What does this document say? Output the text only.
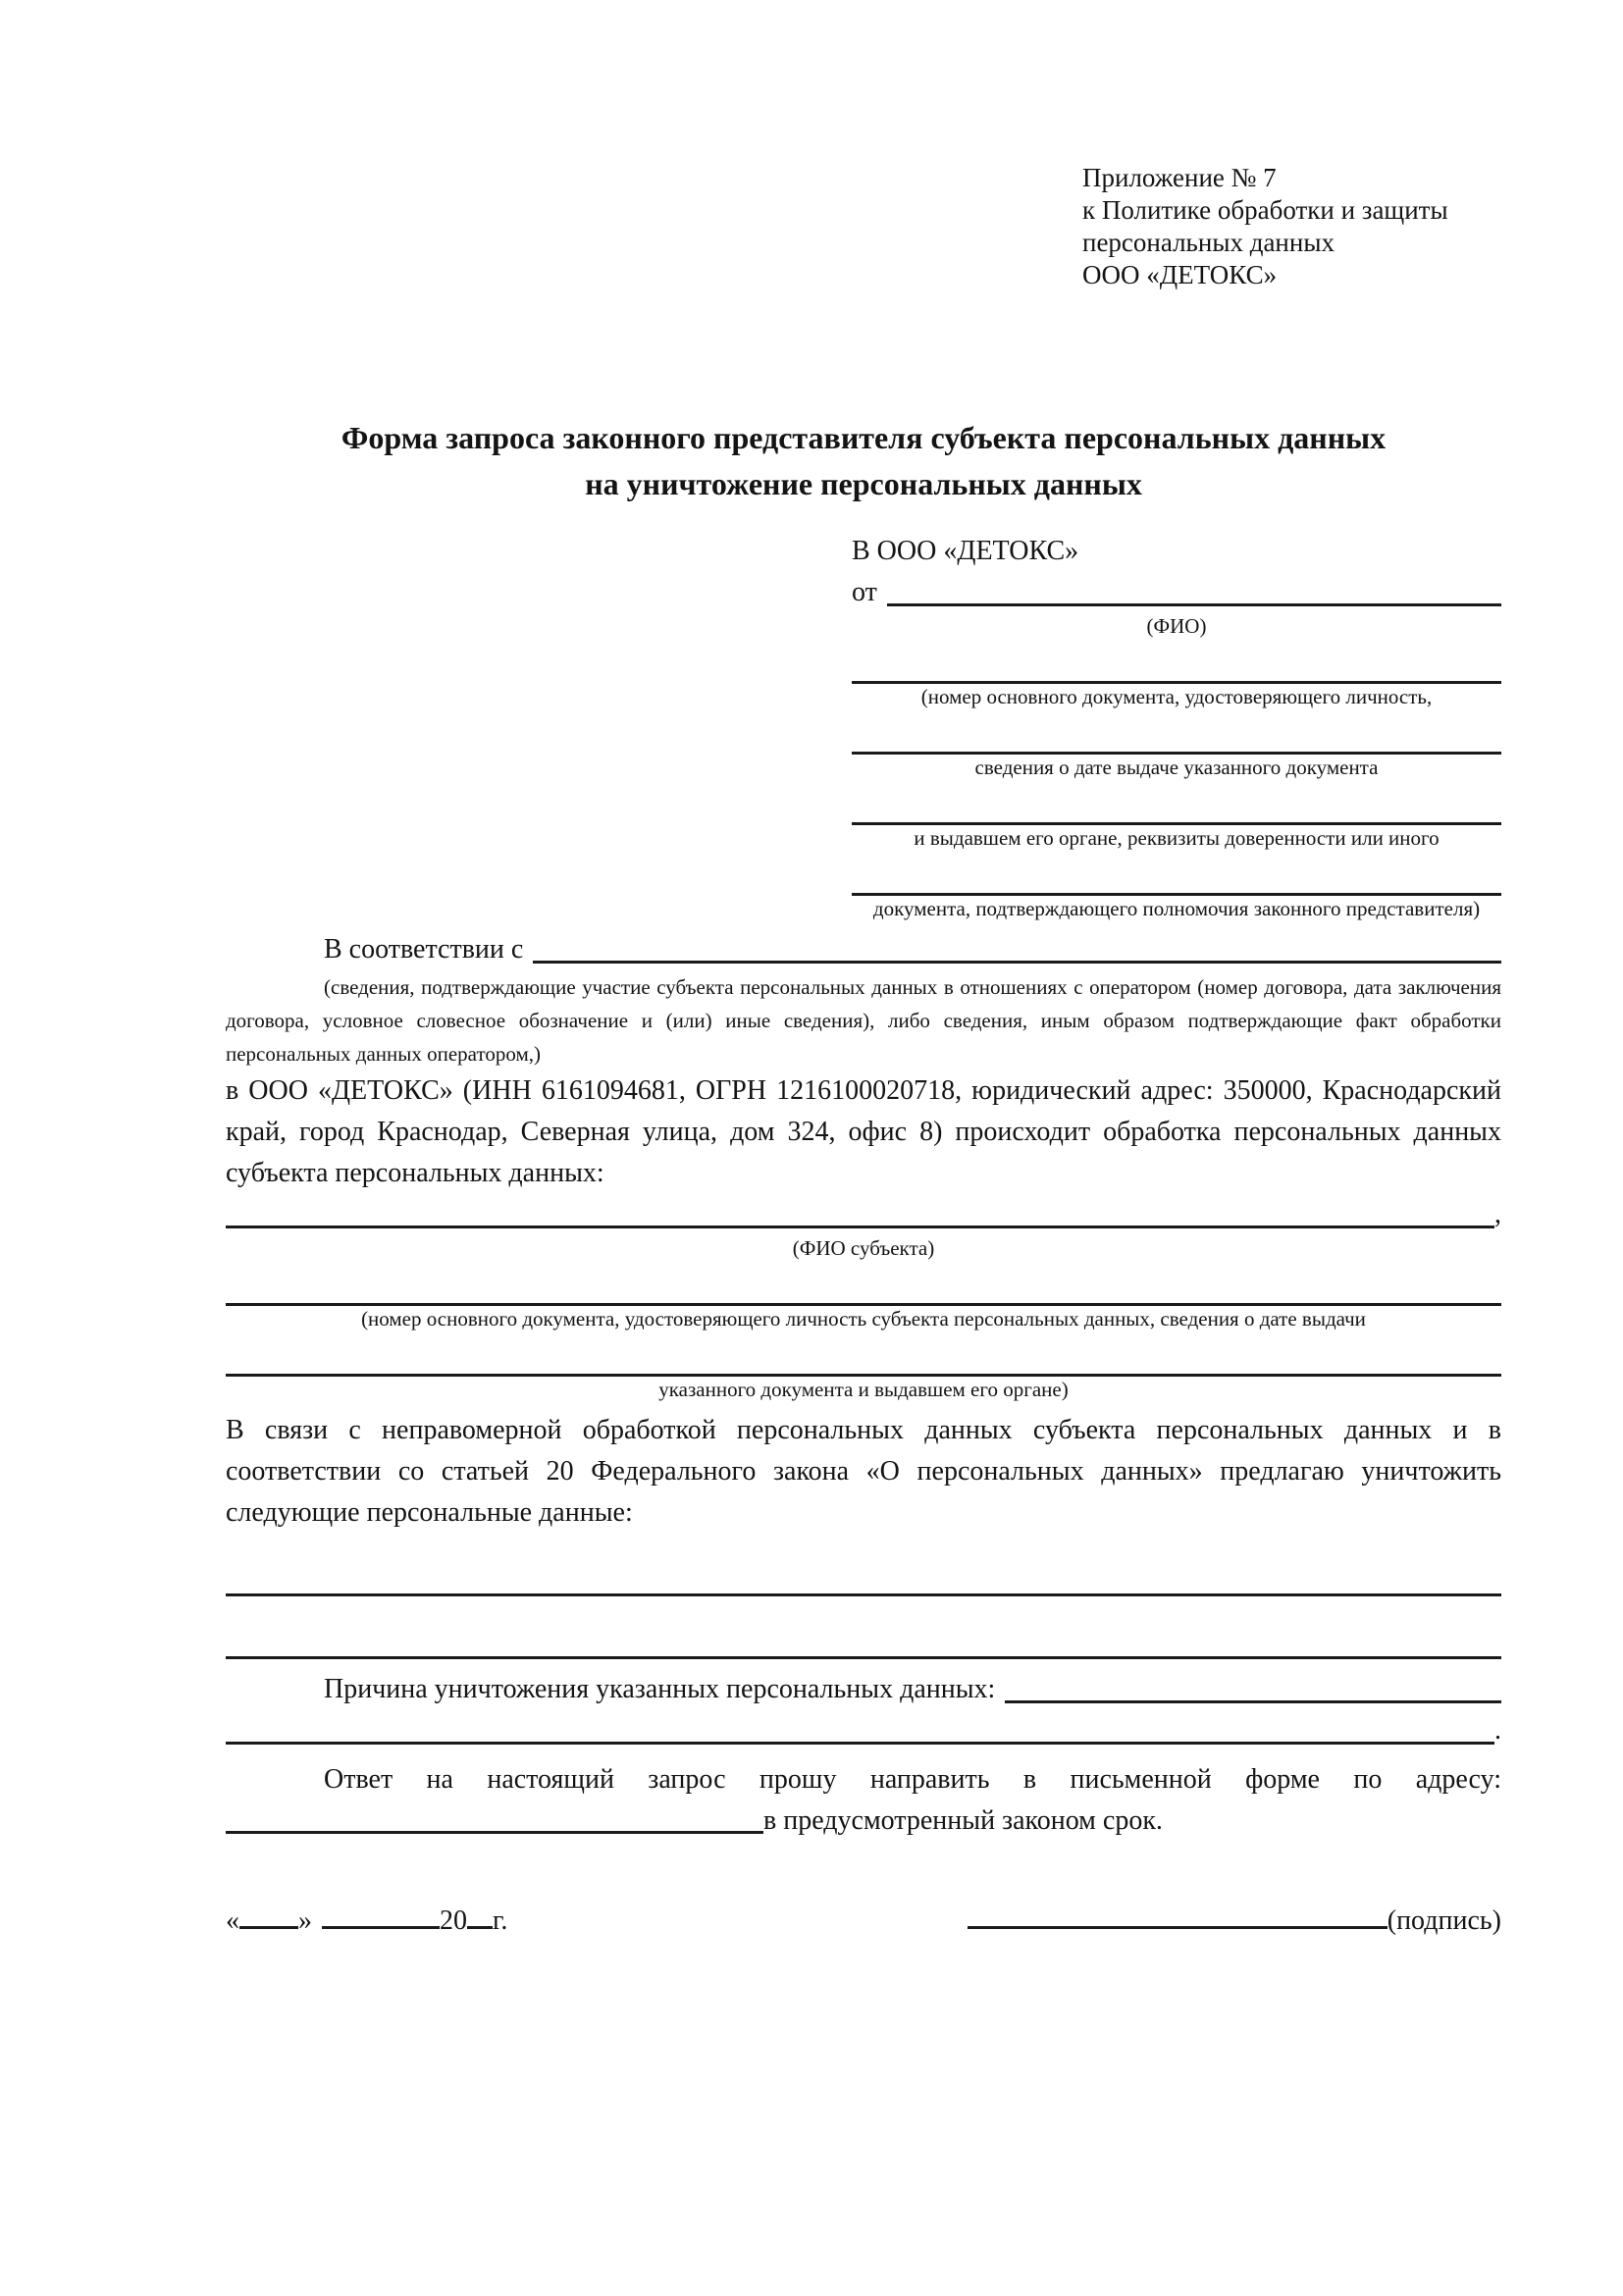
Приложение № 7
к Политике обработки и защиты
персональных данных
ООО «ДЕТОКС»
Форма запроса законного представителя субъекта персональных данных
на уничтожение персональных данных
В ООО «ДЕТОКС»
от
(ФИО)
(номер основного документа, удостоверяющего личность,
сведения о дате выдаче указанного документа
и выдавшем его органе, реквизиты доверенности или иного
документа, подтверждающего полномочия законного представителя)
В соответствии с
(сведения, подтверждающие участие субъекта персональных данных в отношениях с оператором (номер договора, дата заключения договора, условное словесное обозначение и (или) иные сведения), либо сведения, иным образом подтверждающие факт обработки персональных данных оператором,)
в ООО «ДЕТОКС» (ИНН 6161094681, ОГРН 1216100020718, юридический адрес: 350000, Краснодарский край, город Краснодар, Северная улица, дом 324, офис 8) происходит обработка персональных данных субъекта персональных данных:
,
(ФИО субъекта)
(номер основного документа, удостоверяющего личность субъекта персональных данных, сведения о дате выдачи
указанного документа и выдавшем его органе)
В связи с неправомерной обработкой персональных данных субъекта персональных данных и в соответствии со статьей 20 Федерального закона «О персональных данных» предлагаю уничтожить следующие персональные данные:
Причина уничтожения указанных персональных данных:
.
Ответ на настоящий запрос прошу направить в письменной форме по адресу: в предусмотренный законом срок.
« »	20 г.	(подпись)
